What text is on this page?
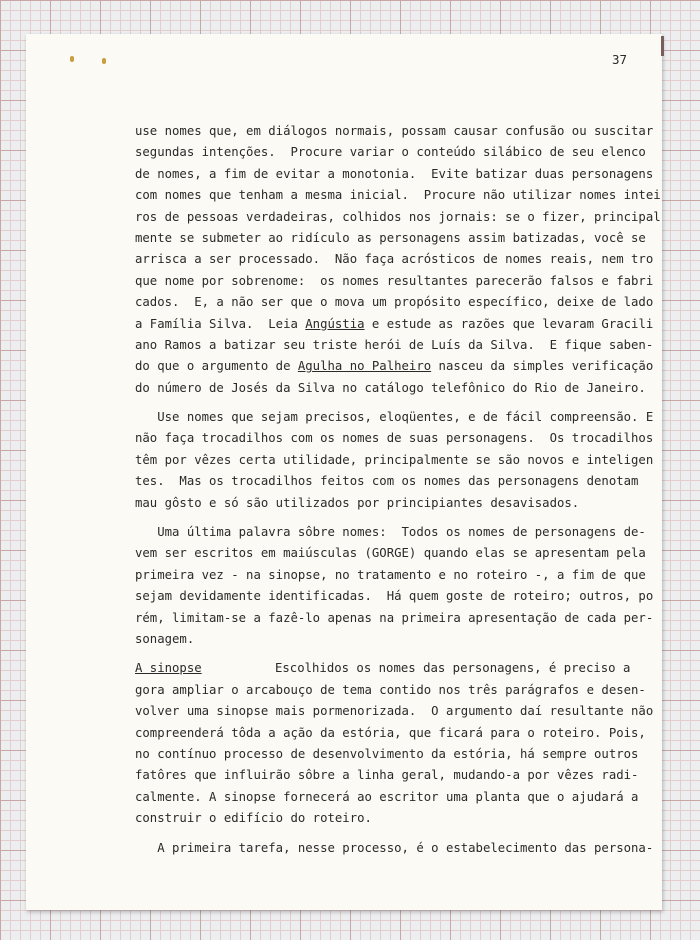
37
use nomes que, em diálogos normais, possam causar confusão ou suscitar
segundas intenções.  Procure variar o conteúdo silábico de seu elenco
de nomes, a fim de evitar a monotonia.  Evite batizar duas personagens
com nomes que tenham a mesma inicial.  Procure não utilizar nomes intei
ros de pessoas verdadeiras, colhidos nos jornais: se o fizer, principal
mente se submeter ao ridículo as personagens assim batizadas, você se
arrisca a ser processado.  Não faça acrósticos de nomes reais, nem tro
que nome por sobrenome:  os nomes resultantes parecerão falsos e fabri
cados.  E, a não ser que o mova um propósito específico, deixe de lado
a Família Silva.  Leia Angústia e estude as razões que levaram Gracili
ano Ramos a batizar seu triste herói de Luís da Silva.  E fique saben-
do que o argumento de Agulha no Palheiro nasceu da simples verificação
do número de Josés da Silva no catálogo telefônico do Rio de Janeiro.
Use nomes que sejam precisos, eloqüentes, e de fácil compreensão. E
não faça trocadilhos com os nomes de suas personagens.  Os trocadilhos
têm por vêzes certa utilidade, principalmente se são novos e inteligen
tes.  Mas os trocadilhos feitos com os nomes das personagens denotam
mau gôsto e só são utilizados por principiantes desavisados.
Uma última palavra sôbre nomes:  Todos os nomes de personagens de-
vem ser escritos em maiúsculas (GORGE) quando elas se apresentam pela
primeira vez - na sinopse, no tratamento e no roteiro -, a fim de que
sejam devidamente identificadas.  Há quem goste de roteiro; outros, po
rém, limitam-se a fazê-lo apenas na primeira apresentação de cada per-
sonagem.
A sinopse	Escolhidos os nomes das personagens, é preciso a
gora ampliar o arcabouço de tema contido nos três parágrafos e desen-
volver uma sinopse mais pormenorizada.  O argumento daí resultante não
compreenderá tôda a ação da estória, que ficará para o roteiro. Pois,
no contínuo processo de desenvolvimento da estória, há sempre outros
fatôres que influirão sôbre a linha geral, mudando-a por vêzes radi-
calmente. A sinopse fornecerá ao escritor uma planta que o ajudará a
construir o edifício do roteiro.
A primeira tarefa, nesse processo, é o estabelecimento das persona-
